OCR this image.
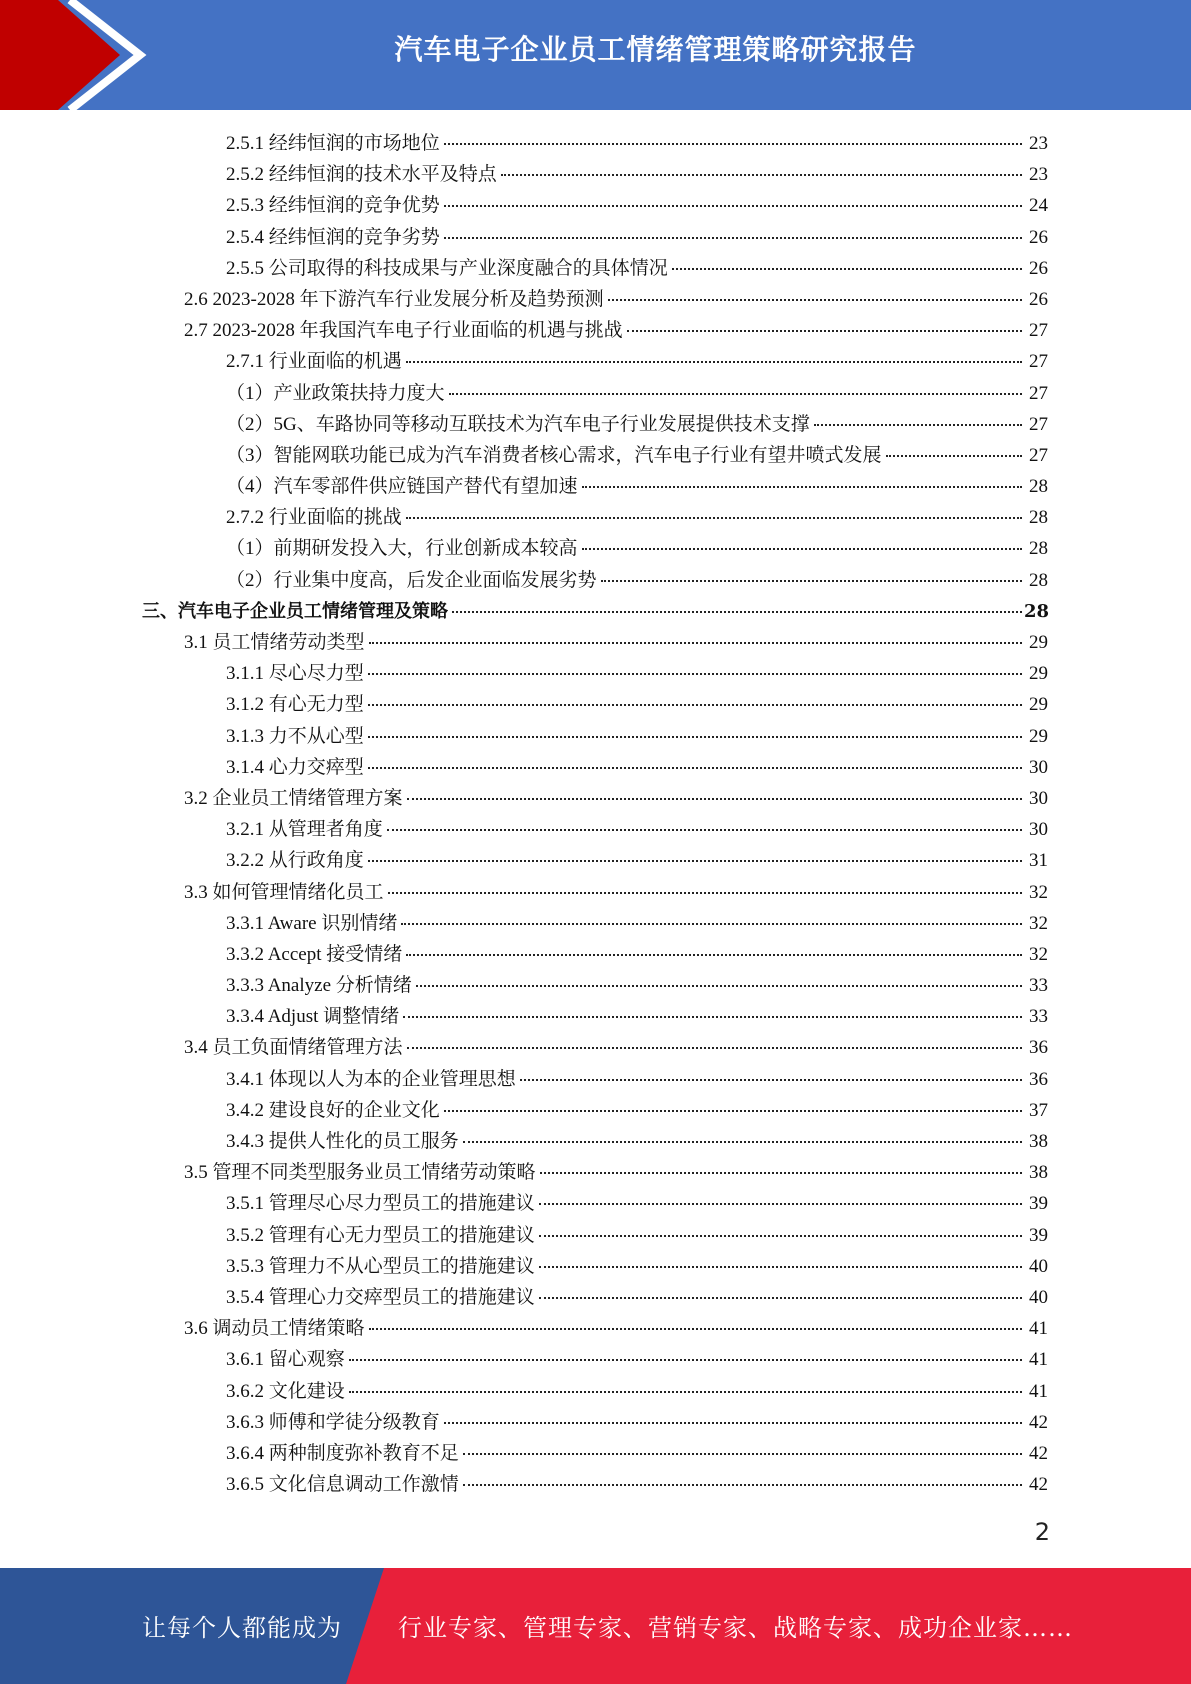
汽车电子企业员工情绪管理策略研究报告
2.5.1 经纬恒润的市场地位	23
2.5.2 经纬恒润的技术水平及特点	23
2.5.3 经纬恒润的竞争优势	24
2.5.4 经纬恒润的竞争劣势	26
2.5.5 公司取得的科技成果与产业深度融合的具体情况	26
2.6 2023-2028 年下游汽车行业发展分析及趋势预测	26
2.7 2023-2028 年我国汽车电子行业面临的机遇与挑战	27
2.7.1 行业面临的机遇	27
（1）产业政策扶持力度大	27
（2）5G、车路协同等移动互联技术为汽车电子行业发展提供技术支撑	27
（3）智能网联功能已成为汽车消费者核心需求，汽车电子行业有望井喷式发展	27
（4）汽车零部件供应链国产替代有望加速	28
2.7.2 行业面临的挑战	28
（1）前期研发投入大，行业创新成本较高	28
（2）行业集中度高，后发企业面临发展劣势	28
三、汽车电子企业员工情绪管理及策略	28
3.1 员工情绪劳动类型	29
3.1.1 尽心尽力型	29
3.1.2 有心无力型	29
3.1.3 力不从心型	29
3.1.4 心力交瘁型	30
3.2 企业员工情绪管理方案	30
3.2.1 从管理者角度	30
3.2.2 从行政角度	31
3.3 如何管理情绪化员工	32
3.3.1 Aware 识别情绪	32
3.3.2 Accept 接受情绪	32
3.3.3 Analyze 分析情绪	33
3.3.4 Adjust 调整情绪	33
3.4 员工负面情绪管理方法	36
3.4.1 体现以人为本的企业管理思想	36
3.4.2 建设良好的企业文化	37
3.4.3 提供人性化的员工服务	38
3.5 管理不同类型服务业员工情绪劳动策略	38
3.5.1 管理尽心尽力型员工的措施建议	39
3.5.2 管理有心无力型员工的措施建议	39
3.5.3 管理力不从心型员工的措施建议	40
3.5.4 管理心力交瘁型员工的措施建议	40
3.6 调动员工情绪策略	41
3.6.1 留心观察	41
3.6.2 文化建设	41
3.6.3 师傅和学徒分级教育	42
3.6.4 两种制度弥补教育不足	42
3.6.5 文化信息调动工作激情	42
2
让每个人都能成为 行业专家、管理专家、营销专家、战略专家、成功企业家……
